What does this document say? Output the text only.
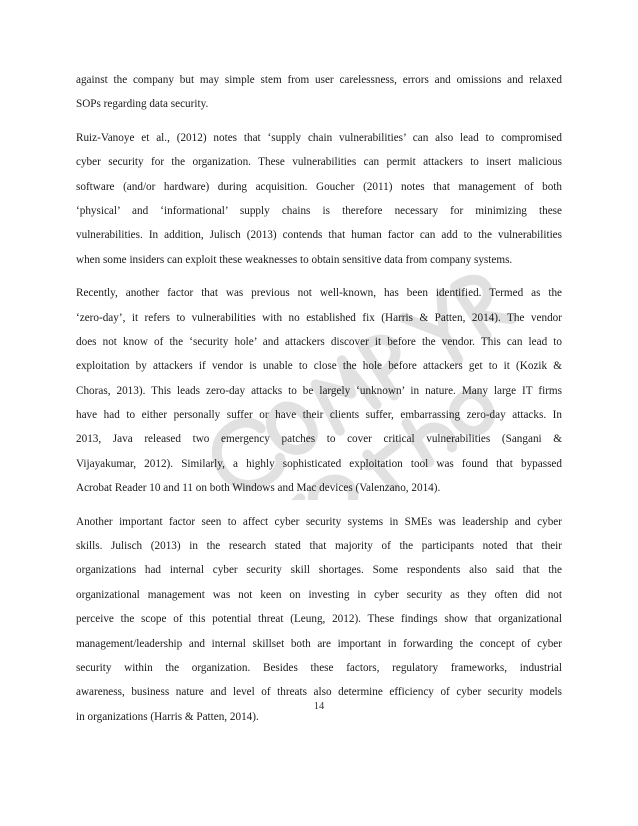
against the company but may simple stem from user carelessness, errors and omissions and relaxed
SOPs regarding data security.

Ruiz-Vanoye et al., (2012) notes that ‘supply chain vulnerabilities’ can also lead to compromised
cyber security for the organization. These vulnerabilities can permit attackers to insert malicious
software (and/or hardware) during acquisition. Goucher (2011) notes that management of both
‘physical’ and ‘informational’ supply chains is therefore necessary for minimizing these
vulnerabilities. In addition, Julisch (2013) contends that human factor can add to the vulnerabilities
when some insiders can exploit these weaknesses to obtain sensitive data from company systems.

Recently, another factor that was previous not well-known, has been identified. Termed as the
‘zero-day’, it refers to vulnerabilities with no established fix (Harris & Patten, 2014). The vendor
does not know of the ‘security hole’ and attackers discover it before the vendor. This can lead to
exploitation by attackers if vendor is unable to close the hole before attackers get to it (Kozik &
Choras, 2013). This leads zero-day attacks to be largely ‘unknown’ in nature. Many large IT firms
have had to either personally suffer or have their clients suffer, embarrassing zero-day attacks. In
2013, Java released two emergency patches to cover critical vulnerabilities (Sangani &
Vijayakumar, 2012). Similarly, a highly sophisticated exploitation tool was found that bypassed
Acrobat Reader 10 and 11 on both Windows and Mac devices (Valenzano, 2014).

Another important factor seen to affect cyber security systems in SMEs was leadership and cyber
skills. Julisch (2013) in the research stated that majority of the participants noted that their
organizations had internal cyber security skill shortages. Some respondents also said that the
organizational management was not keen on investing in cyber security as they often did not
perceive the scope of this potential threat (Leung, 2012). These findings show that organizational
management/leadership and internal skillset both are important in forwarding the concept of cyber
security within the organization. Besides these factors, regulatory frameworks, industrial
awareness, business nature and level of threats also determine efficiency of cyber security models
in organizations (Harris & Patten, 2014).

14
